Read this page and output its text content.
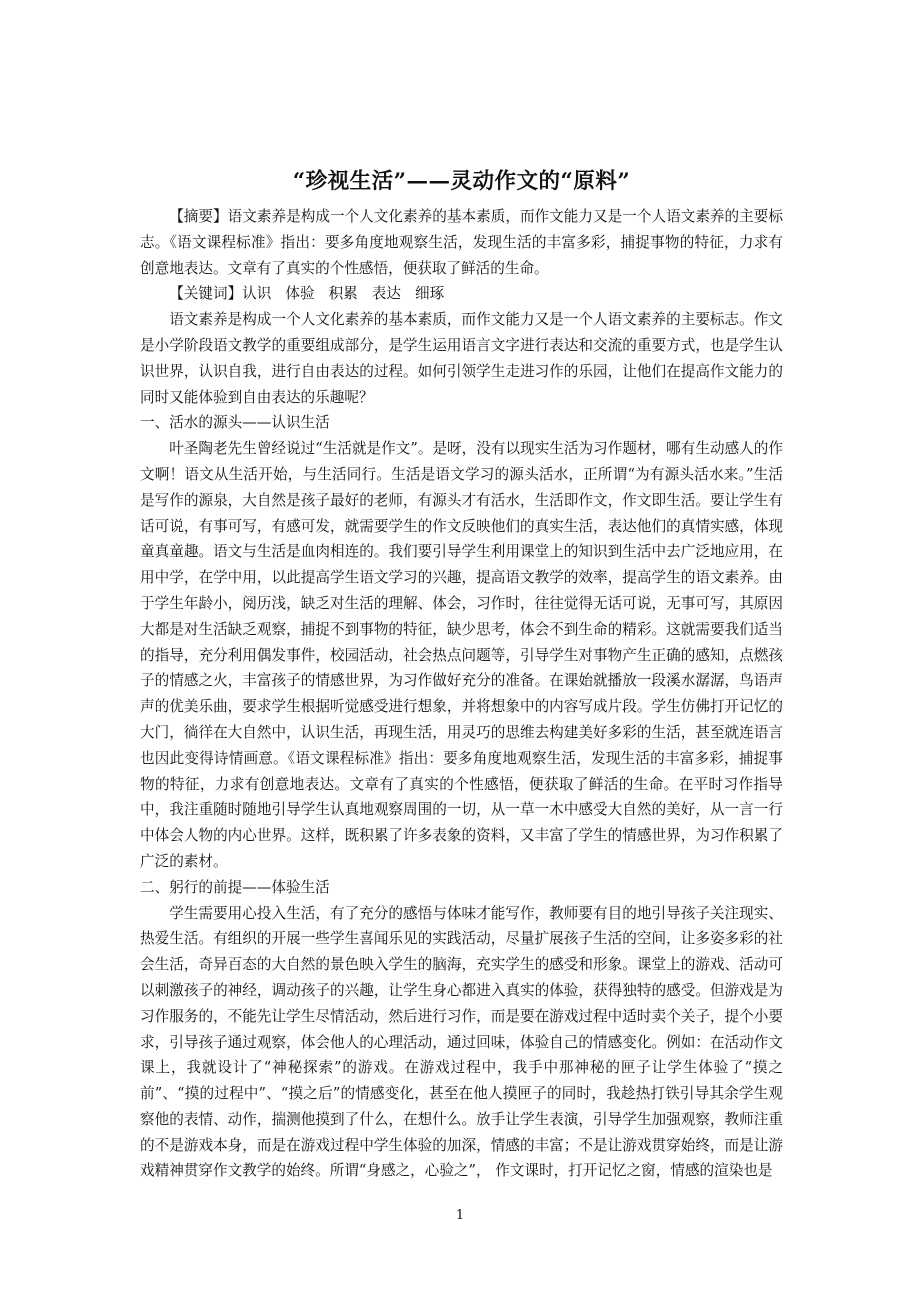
“珍视生活”——灵动作文的“原料”

【摘要】语文素养是构成一个人文化素养的基本素质，而作文能力又是一个人语文素养的主要标志。《语文课程标准》指出：要多角度地观察生活，发现生活的丰富多彩，捕捉事物的特征，力求有创意地表达。文章有了真实的个性感悟，便获取了鲜活的生命。

【关键词】认识 体验 积累 表达 细琢

语文素养是构成一个人文化素养的基本素质，而作文能力又是一个人语文素养的主要标志。作文是小学阶段语文教学的重要组成部分，是学生运用语言文字进行表达和交流的重要方式，也是学生认识世界，认识自我，进行自由表达的过程。如何引领学生走进习作的乐园，让他们在提高作文能力的同时又能体验到自由表达的乐趣呢？

一、活水的源头——认识生活

叶圣陶老先生曾经说过“生活就是作文”。是呀，没有以现实生活为习作题材，哪有生动感人的作文啊！语文从生活开始，与生活同行。生活是语文学习的源头活水，正所谓“为有源头活水来。”生活是写作的源泉，大自然是孩子最好的老师，有源头才有活水，生活即作文，作文即生活。要让学生有话可说，有事可写，有感可发，就需要学生的作文反映他们的真实生活，表达他们的真情实感，体现童真童趣。语文与生活是血肉相连的。我们要引导学生利用课堂上的知识到生活中去广泛地应用，在用中学，在学中用，以此提高学生语文学习的兴趣，提高语文教学的效率，提高学生的语文素养。由于学生年龄小，阅历浅，缺乏对生活的理解、体会，习作时，往往觉得无话可说，无事可写，其原因大都是对生活缺乏观察，捕捉不到事物的特征，缺少思考，体会不到生命的精彩。这就需要我们适当的指导，充分利用偶发事件，校园活动，社会热点问题等，引导学生对事物产生正确的感知，点燃孩子的情感之火，丰富孩子的情感世界，为习作做好充分的准备。在课始就播放一段溪水潺潺，鸟语声声的优美乐曲，要求学生根据听觉感受进行想象，并将想象中的内容写成片段。学生仿佛打开记忆的大门，徜徉在大自然中，认识生活，再现生活，用灵巧的思维去构建美好多彩的生活，甚至就连语言也因此变得诗情画意。《语文课程标准》指出：要多角度地观察生活，发现生活的丰富多彩，捕捉事物的特征，力求有创意地表达。文章有了真实的个性感悟，便获取了鲜活的生命。在平时习作指导中，我注重随时随地引导学生认真地观察周围的一切，从一草一木中感受大自然的美好，从一言一行中体会人物的内心世界。这样，既积累了许多表象的资料，又丰富了学生的情感世界，为习作积累了广泛的素材。

二、躬行的前提——体验生活

学生需要用心投入生活，有了充分的感悟与体味才能写作，教师要有目的地引导孩子关注现实、热爱生活。有组织的开展一些学生喜闻乐见的实践活动，尽量扩展孩子生活的空间，让多姿多彩的社会生活，奇异百态的大自然的景色映入学生的脑海，充实学生的感受和形象。课堂上的游戏、活动可以刺激孩子的神经，调动孩子的兴趣，让学生身心都进入真实的体验，获得独特的感受。但游戏是为习作服务的，不能先让学生尽情活动，然后进行习作，而是要在游戏过程中适时卖个关子，提个小要求，引导孩子通过观察，体会他人的心理活动，通过回味，体验自己的情感变化。例如：在活动作文课上，我就设计了“神秘探索”的游戏。在游戏过程中，我手中那神秘的匣子让学生体验了“摸之前”、“摸的过程中”、“摸之后”的情感变化，甚至在他人摸匣子的同时，我趁热打铁引导其余学生观察他的表情、动作，揣测他摸到了什么，在想什么。放手让学生表演，引导学生加强观察，教师注重的不是游戏本身，而是在游戏过程中学生体验的加深，情感的丰富；不是让游戏贯穿始终，而是让游戏精神贯穿作文教学的始终。所谓“身感之，心验之”， 作文课时，打开记忆之窗，情感的渲染也是

1
